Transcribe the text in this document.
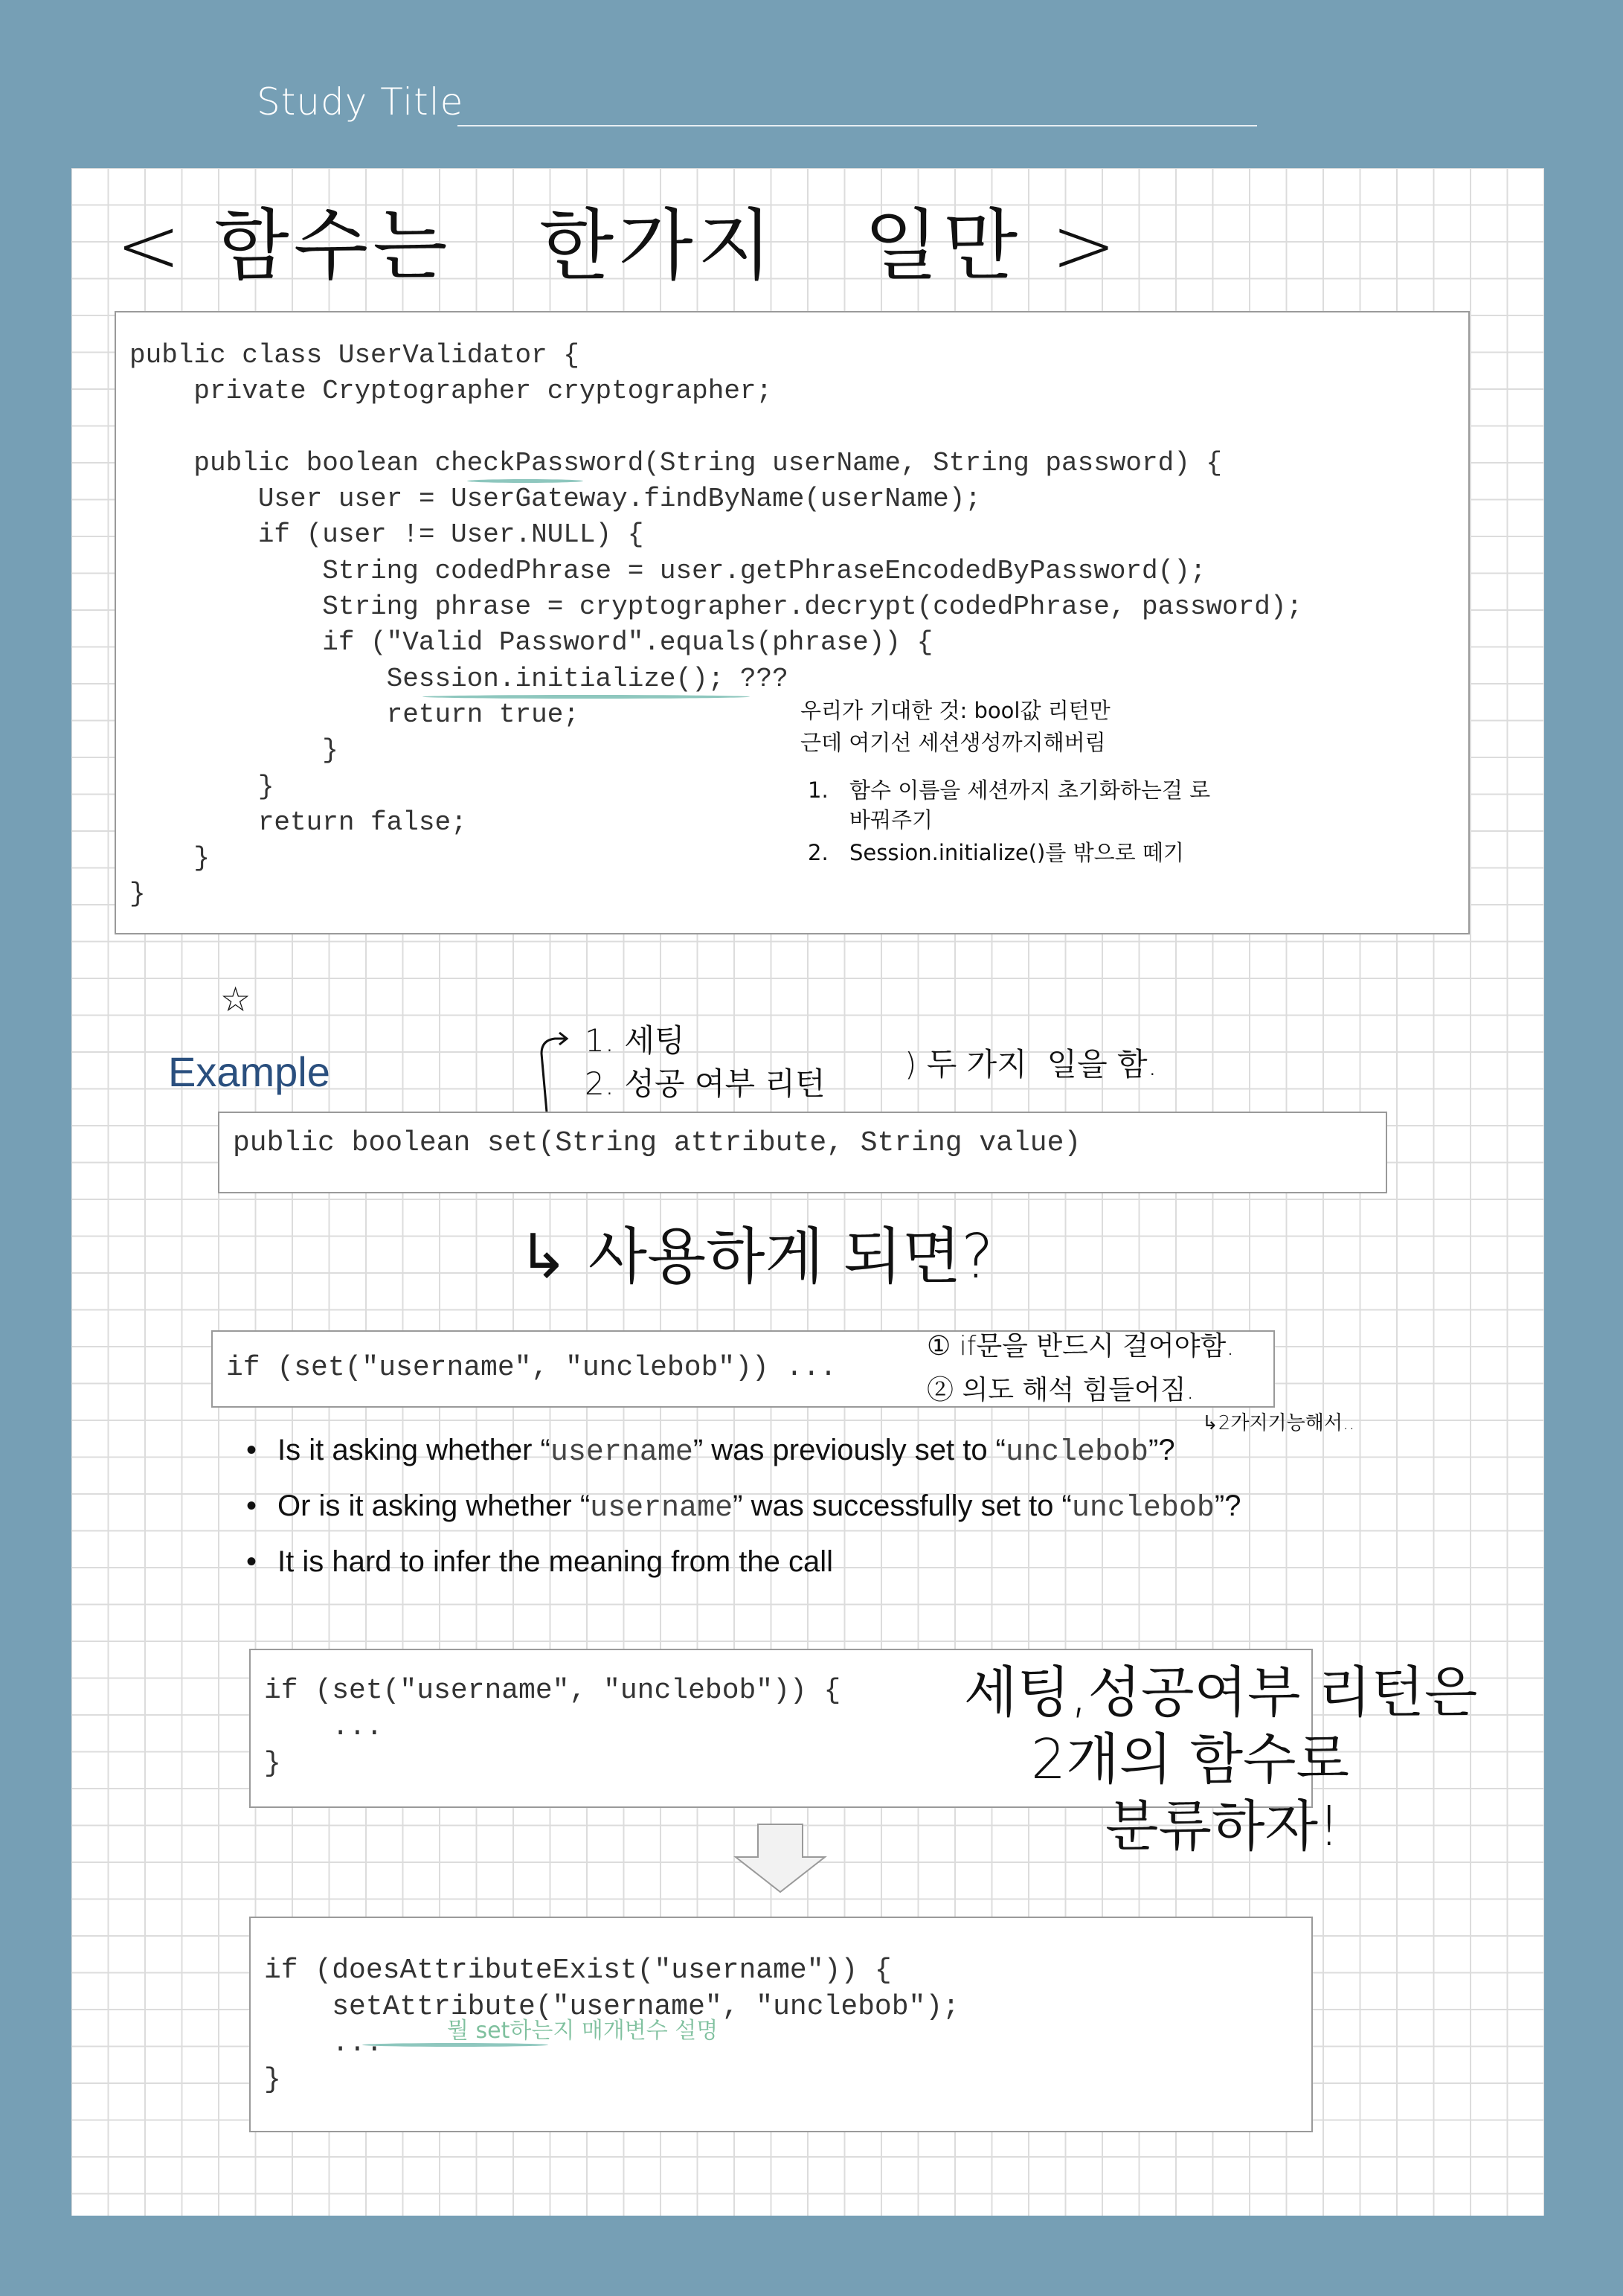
Study Title
< 함수는   한가지   일만 >
public class UserValidator {
private Cryptographer cryptographer;

public boolean checkPassword(String userName, String password) {
User user = UserGateway.findByName(userName);
if (user != User.NULL) {
String codedPhrase = user.getPhraseEncodedByPassword();
String phrase = cryptographer.decrypt(codedPhrase, password);
if ("Valid Password".equals(phrase)) {
Session.initialize(); ???
return true;
}
}
return false;
}
}
우리가 기대한 것: bool값 리턴만
근데 여기선 세션생성까지해버림
1. 함수 이름을 세션까지 초기화하는걸 로 바꿔주기
2. Session.initialize()를 밖으로 떼기
☆
Example
1. 세팅
2. 성공 여부 리턴
) 두 가지  일을 함.
public boolean set(String attribute, String value)
↳ 사용하게 되면?
if (set("username", "unclebob")) ...
① if문을 반드시 걸어야함.
② 의도 해석 힘들어짐.
↳2가지기능해서..
• Is it asking whether “username” was previously set to “unclebob”?
• Or is it asking whether “username” was successfully set to “unclebob”?
• It is hard to infer the meaning from the call
if (set("username", "unclebob")) {
...
}
세팅,성공여부 리턴은
2개의 함수로
분류하자!
if (doesAttributeExist("username")) {
setAttribute("username", "unclebob");
...
}
뭘 set하는지 매개변수 설명
